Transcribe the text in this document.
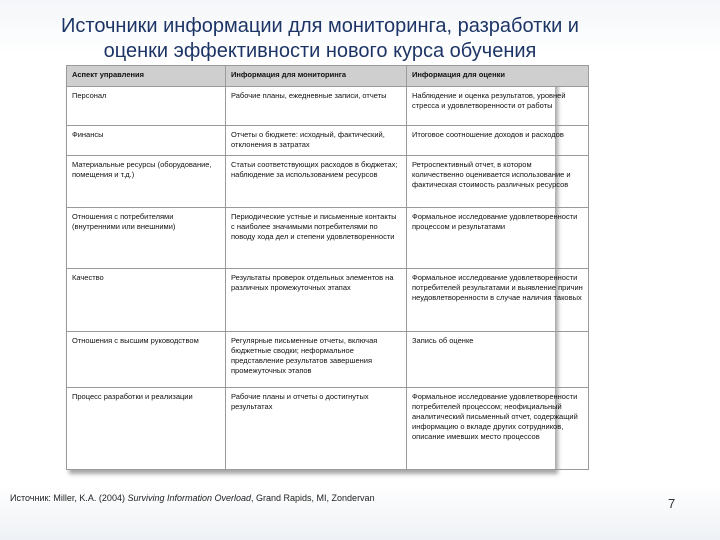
Источники информации для мониторинга, разработки и оценки эффективности нового курса обучения
Аспект управления	Информация для мониторинга	Информация для оценки
Персонал	Рабочие планы, ежедневные записи, отчеты	Наблюдение и оценка результатов, уровней стресса и удовлетворенности от работы
Финансы	Отчеты о бюджете: исходный, фактический, отклонения в затратах	Итоговое соотношение доходов и расходов
Материальные ресурсы (оборудование, помещения и т.д.)	Статьи соответствующих расходов в бюджетах; наблюдение за использованием ресурсов	Ретроспективный отчет, в котором количественно оценивается использование и фактическая стоимость различных ресурсов
Отношения с потребителями (внутренними или внешними)	Периодические устные и письменные контакты с наиболее значимыми потребителями по поводу хода дел и степени удовлетворенности	Формальное исследование удовлетворенности процессом и результатами
Качество	Результаты проверок отдельных элементов на различных промежуточных этапах	Формальное исследование удовлетворенности потребителей результатами и выявление причин неудовлетворенности в случае наличия таковых
Отношения с высшим руководством	Регулярные письменные отчеты, включая бюджетные сводки; неформальное представление результатов завершения промежуточных этапов	Запись об оценке
Процесс разработки и реализации	Рабочие планы и отчеты о достигнутых результатах	Формальное исследование удовлетворенности потребителей процессом; неофициальный аналитический письменный отчет, содержащий информацию о вкладе других сотрудников, описание имевших место процессов
Источник: Miller, K.A. (2004) Surviving Information Overload, Grand Rapids, MI, Zondervan	7
